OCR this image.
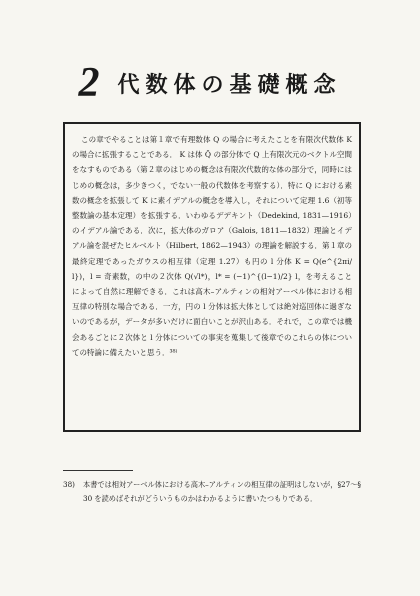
2 代数体の基礎概念

この章でやることは第１章で有理数体 Q の場合に考えたことを有限次代数体 K の場合に拡張することである． K は体 Q̄ の部分体で Q 上有限次元のベクトル空間をなすものである（第２章のはじめの概念は有限次代数的な体の部分で，同時にはじめの概念は，多少きつく，でない一般の代数体を考察する）．特に Q における素数の概念を拡張して K に素イデアルの概念を導入し，それについて定理 1.6（初等整数論の基本定理）を拡張する．いわゆるデデキント（Dedekind, 1831—1916）のイデアル論である．次に，拡大体のガロア（Galois, 1811—1832）理論とイデアル論を混ぜたヒルベルト（Hilbert, 1862—1943）の理論を解説する．第１章の最終定理であったガウスの相互律（定理 1.27）も円の l 分体 K = Q(e^{2πi/l})，l = 奇素数，の中の２次体 Q(√l*)，l* = (−1)^{(l−1)/2} l，を考えることによって自然に理解できる．これは高木–アルティンの相対アーベル体における相互律の特別な場合である．一方，円の l 分体は拡大体としては絶対巡回体に過ぎないのであるが，データが多いだけに面白いことが沢山ある．それで，この章では機会あるごとに２次体と l 分体についての事実を蒐集して後章でのこれらの体についての特論に備えたいと思う．³⁸⁾

38)	本書では相対アーベル体における高木–アルティンの相互律の証明はしないが，§27～§30 を読めばそれがどういうものかはわかるように書いたつもりである．
